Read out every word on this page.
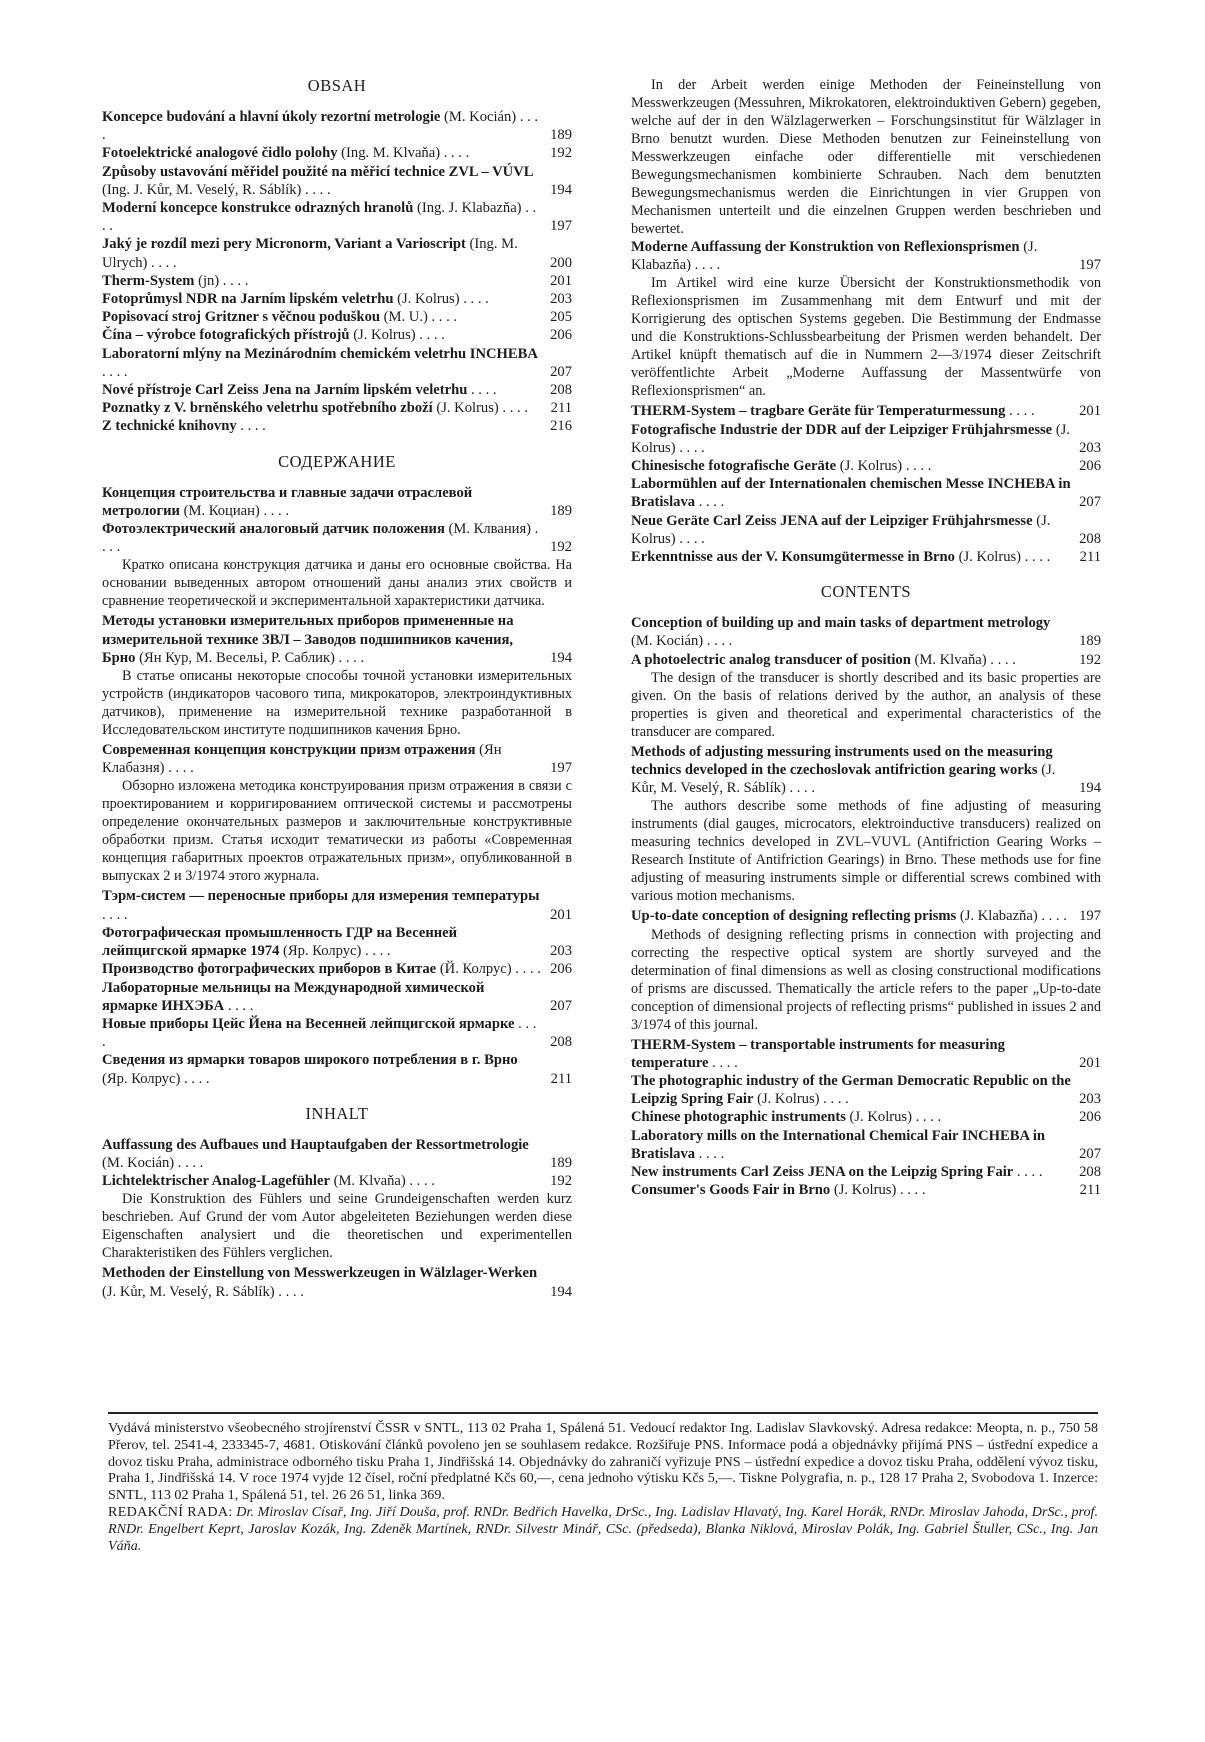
OBSAH
Koncepce budování a hlavní úkoly rezortní metrologie (M. Kocián) . . . .	189
Fotoelektrické analogové čidlo polohy (Ing. M. Klvaňa) . . . .	192
Způsoby ustavování měřidel použité na měřicí technice ZVL – VÚVL (Ing. J. Kůr, M. Veselý, R. Sáblík) . . . .	194
Moderní koncepce konstrukce odrazných hranolů (Ing. J. Klabazňa) . . . .	197
Jaký je rozdíl mezi pery Micronorm, Variant a Varioscript (Ing. M. Ulrych) . . . .	200
Therm-System (jn) . . . .	201
Fotoprůmysl NDR na Jarním lipském veletrhu (J. Kolrus) . . . .	203
Popisovací stroj Gritzner s věčnou poduškou (M. U.) . . . .	205
Čína – výrobce fotografických přístrojů (J. Kolrus) . . . .	206
Laboratorní mlýny na Mezinárodním chemickém veletrhu INCHEBA . . . .	207
Nové přístroje Carl Zeiss Jena na Jarním lipském veletrhu . . . .	208
Poznatky z V. brněnského veletrhu spotřebního zboží (J. Kolrus) . . . .	211
Z technické knihovny . . . .	216
СОДЕРЖАНИЕ
Концепция строительства и главные задачи отраслевой метрологии (М. Коциан) . . . .	189
Фотоэлектрический аналоговый датчик положения (М. Клвания) . . . .	192

Кратко описана конструкция датчика и даны его основные свойства. На основании выведенных автором отношений даны анализ этих свойств и сравнение теоретической и экспериментальной характеристики датчика.

Методы установки измерительных приборов примененные на измерительной технике ЗВЛ – Заводов подшипников качения, Брно (Ян Кур, М. Весельі, Р. Саблик) . . . .	194

В статье описаны некоторые способы точной установки измерительных устройств (индикаторов часового типа, микрокаторов, электроиндуктивных датчиков), применение на измерительной технике разработанной в Исследовательском институте подшипников качения Брно.

Современная концепция конструкции призм отражения (Ян Клабазня) . . . .	197

Обзорно изложена методика конструирования призм отражения в связи с проектированием и корригированием оптической системы и рассмотрены определение окончательных размеров и заключительные конструктивные обработки призм. Статья исходит тематически из работы «Современная концепция габаритных проектов отражательных призм», опубликованной в выпусках 2 и 3/1974 этого журнала.

Тэрм-систем — переносные приборы для измерения температуры . . . .	201
Фотографическая промышленность ГДР на Весенней лейпцигской ярмарке 1974 (Яр. Колрус) . . . .	203
Производство фотографических приборов в Китае (Й. Колрус) . . . . 206
Лабораторные мельницы на Международной химической ярмарке ИНХЭБА . . . .	207
Новые приборы Цейс Йена на Весенней лейпцигской ярмарке . . . .	208
Сведения из ярмарки товаров широкого потребления в г. Врно (Яр. Колрус) . . . .	211
INHALT
Auffassung des Aufbaues und Hauptaufgaben der Ressortmetrologie (M. Kocián) . . . .	189
Lichtelektrischer Analog-Lagefühler (M. Klvaňa) . . . .	192

Die Konstruktion des Fühlers und seine Grundeigenschaften werden kurz beschrieben. Auf Grund der vom Autor abgeleiteten Beziehungen werden diese Eigenschaften analysiert und die theoretischen und experimentellen Charakteristiken des Fühlers verglichen.

Methoden der Einstellung von Messwerkzeugen in Wälzlager-Werken (J. Kůr, M. Veselý, R. Sáblík) . . . .	194

In der Arbeit werden einige Methoden der Feineinstellung von Messwerkzeugen (Messuhren, Mikrokatoren, elektroinduktiven Gebern) gegeben, welche auf der in den Wälzlagerwerken – Forschungsinstitut für Wälzlager in Brno benutzt wurden. Diese Methoden benutzen zur Feineinstellung von Messwerkzeugen einfache oder differentielle mit verschiedenen Bewegungsmechanismen kombinierte Schrauben. Nach dem benutzten Bewegungsmechanismus werden die Einrichtungen in vier Gruppen von Mechanismen unterteilt und die einzelnen Gruppen werden beschrieben und bewertet.

Moderne Auffassung der Konstruktion von Reflexionsprismen (J. Klabazňa) . . . .	197

Im Artikel wird eine kurze Übersicht der Konstruktionsmethodik von Reflexionsprismen im Zusammenhang mit dem Entwurf und mit der Korrigierung des optischen Systems gegeben. Die Bestimmung der Endmasse und die Konstruktions-Schlussbearbeitung der Prismen werden behandelt. Der Artikel knüpft thematisch auf die in Nummern 2—3/1974 dieser Zeitschrift veröffentlichte Arbeit „Moderne Auffassung der Massentwürfe von Reflexionsprismen“ an.

THERM-System – tragbare Geräte für Temperaturmessung . . . .	201
Fotografische Industrie der DDR auf der Leipziger Frühjahrsmesse (J. Kolrus) . . . .	203
Chinesische fotografische Geräte (J. Kolrus) . . . .	206
Labormühlen auf der Internationalen chemischen Messe INCHEBA in Bratislava . . . .	207
Neue Geräte Carl Zeiss JENA auf der Leipziger Frühjahrsmesse (J. Kolrus) . . . .	208
Erkenntnisse aus der V. Konsumgütermesse in Brno (J. Kolrus) . . . .	211
CONTENTS
Conception of building up and main tasks of department metrology (M. Kocián) . . . .	189
A photoelectric analog transducer of position (M. Klvaňa) . . . .	192

The design of the transducer is shortly described and its basic properties are given. On the basis of relations derived by the author, an analysis of these properties is given and theoretical and experimental characteristics of the transducer are compared.

Methods of adjusting messuring instruments used on the measuring technics developed in the czechoslovak antifriction gearing works (J. Kůr, M. Veselý, R. Sáblík) . . . .	194

The authors describe some methods of fine adjusting of measuring instruments (dial gauges, microcators, elektroinductive transducers) realized on measuring technics developed in ZVL–VUVL (Antifriction Gearing Works – Research Institute of Antifriction Gearings) in Brno. These methods use for fine adjusting of measuring instruments simple or differential screws combined with various motion mechanisms.

Up-to-date conception of designing reflecting prisms (J. Klabazňa) . . . . 197

Methods of designing reflecting prisms in connection with projecting and correcting the respective optical system are shortly surveyed and the determination of final dimensions as well as closing constructional modifications of prisms are discussed. Thematically the article refers to the paper „Up-to-date conception of dimensional projects of reflecting prisms“ published in issues 2 and 3/1974 of this journal.

THERM-System – transportable instruments for measuring temperature . . . .	201
The photographic industry of the German Democratic Republic on the Leipzig Spring Fair (J. Kolrus) . . . .	203
Chinese photographic instruments (J. Kolrus) . . . .	206
Laboratory mills on the International Chemical Fair INCHEBA in Bratislava . . . .	207
New instruments Carl Zeiss JENA on the Leipzig Spring Fair . . . .	208
Consumer's Goods Fair in Brno (J. Kolrus) . . . .	211

Vydává ministerstvo všeobecného strojírenství ČSSR v SNTL, 113 02 Praha 1, Spálená 51. Vedoucí redaktor Ing. Ladislav Slavkovský. Adresa redakce: Meopta, n. p., 750 58 Přerov, tel. 2541-4, 233345-7, 4681. Otiskování článků povoleno jen se souhlasem redakce. Rozšiřuje PNS. Informace podá a objednávky přijímá PNS – ústřední expedice a dovoz tisku Praha, administrace odborného tisku Praha 1, Jindřišská 14. Objednávky do zahraničí vyřizuje PNS – ústřední expedice a dovoz tisku Praha, oddělení vývoz tisku, Praha 1, Jindřišská 14. V roce 1974 vyjde 12 čísel, roční předplatné Kčs 60,—, cena jednoho výtisku Kčs 5,—. Tiskne Polygrafia, n. p., 128 17 Praha 2, Svobodova 1. Inzerce: SNTL, 113 02 Praha 1, Spálená 51, tel. 26 26 51, linka 369.

REDAKČNÍ RADA: Dr. Miroslav Císař, Ing. Jiří Douša, prof. RNDr. Bedřich Havelka, DrSc., Ing. Ladislav Hlavatý, Ing. Karel Horák, RNDr. Miroslav Jahoda, DrSc., prof. RNDr. Engelbert Keprt, Jaroslav Kozák, Ing. Zdeněk Martínek, RNDr. Silvestr Minář, CSc. (předseda), Blanka Niklová, Miroslav Polák, Ing. Gabriel Štuller, CSc., Ing. Jan Váňa.
